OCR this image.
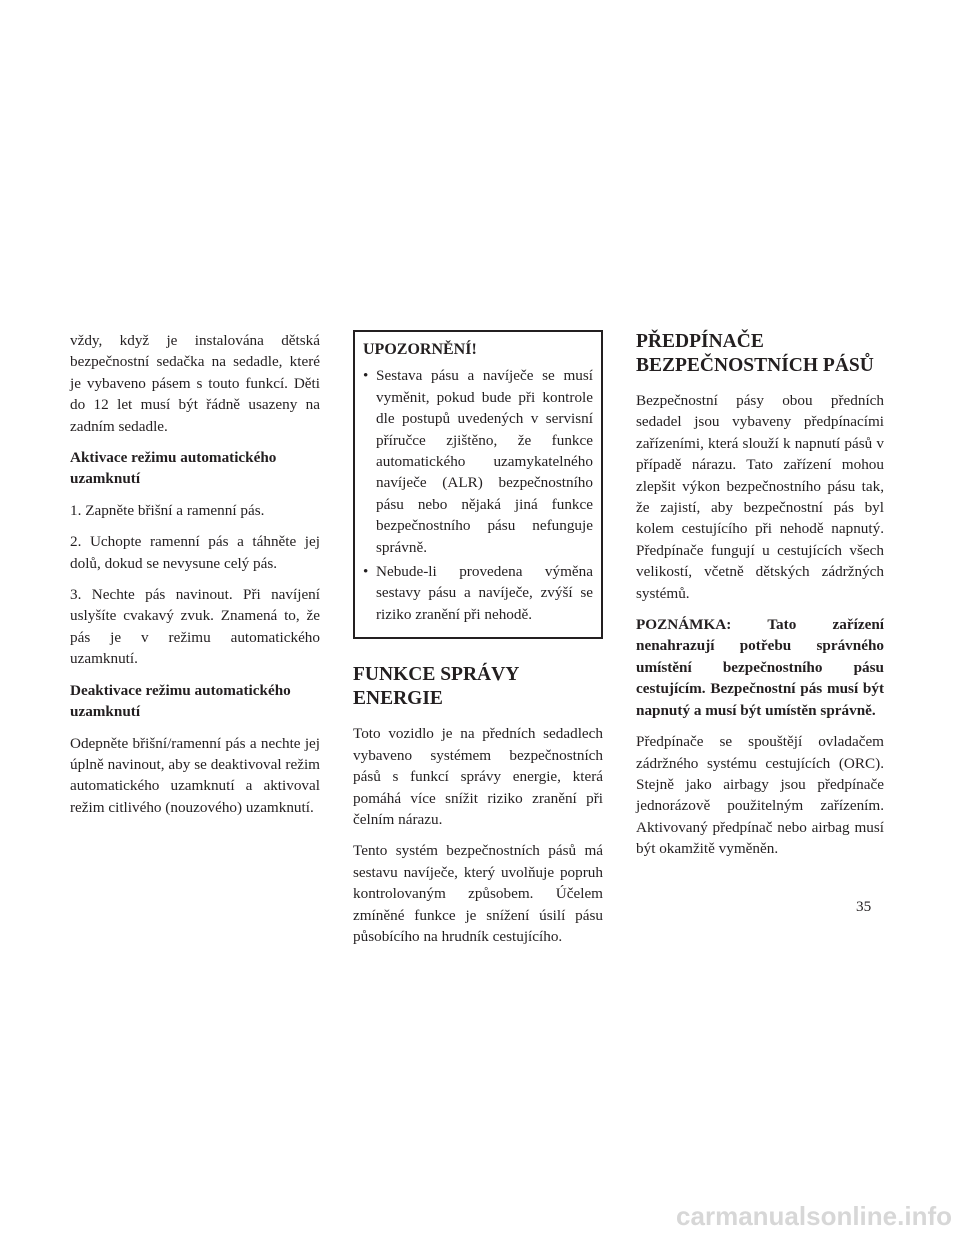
vždy, když je instalována dětská bezpečnostní sedačka na sedadle, které je vybaveno pásem s touto funkcí. Děti do 12 let musí být řádně usazeny na zadním sedadle.

Aktivace režimu automatického uzamknutí

1. Zapněte břišní a ramenní pás.

2. Uchopte ramenní pás a táhněte jej dolů, dokud se nevysune celý pás.

3. Nechte pás navinout. Při navíjení uslyšíte cvakavý zvuk. Znamená to, že pás je v režimu automatického uzamknutí.

Deaktivace režimu automatického uzamknutí

Odepněte břišní/ramenní pás a nechte jej úplně navinout, aby se deaktivoval režim automatického uzamknutí a aktivoval režim citlivého (nouzového) uzamknutí.

UPOZORNĚNÍ!
• Sestava pásu a navíječe se musí vyměnit, pokud bude při kontrole dle postupů uvedených v servisní příručce zjištěno, že funkce automatického uzamykatelného navíječe (ALR) bezpečnostního pásu nebo nějaká jiná funkce bezpečnostního pásu nefunguje správně.
• Nebude-li provedena výměna sestavy pásu a navíječe, zvýší se riziko zranění při nehodě.
FUNKCE SPRÁVY ENERGIE

Toto vozidlo je na předních sedadlech vybaveno systémem bezpečnostních pásů s funkcí správy energie, která pomáhá více snížit riziko zranění při čelním nárazu.

Tento systém bezpečnostních pásů má sestavu navíječe, který uvolňuje popruh kontrolovaným způsobem. Účelem zmíněné funkce je snížení úsilí pásu působícího na hrudník cestujícího.

PŘEDPÍNAČE BEZPEČNOSTNÍCH PÁSŮ

Bezpečnostní pásy obou předních sedadel jsou vybaveny předpínacími zařízeními, která slouží k napnutí pásů v případě nárazu. Tato zařízení mohou zlepšit výkon bezpečnostního pásu tak, že zajistí, aby bezpečnostní pás byl kolem cestujícího při nehodě napnutý. Předpínače fungují u cestujících všech velikostí, včetně dětských zádržných systémů.

POZNÁMKA: Tato zařízení nenahrazují potřebu správného umístění bezpečnostního pásu cestujícím. Bezpečnostní pás musí být napnutý a musí být umístěn správně.

Předpínače se spouštějí ovladačem zádržného systému cestujících (ORC). Stejně jako airbagy jsou předpínače jednorázově použitelným zařízením. Aktivovaný předpínač nebo airbag musí být okamžitě vyměněn.

35
carmanualsonline.info
